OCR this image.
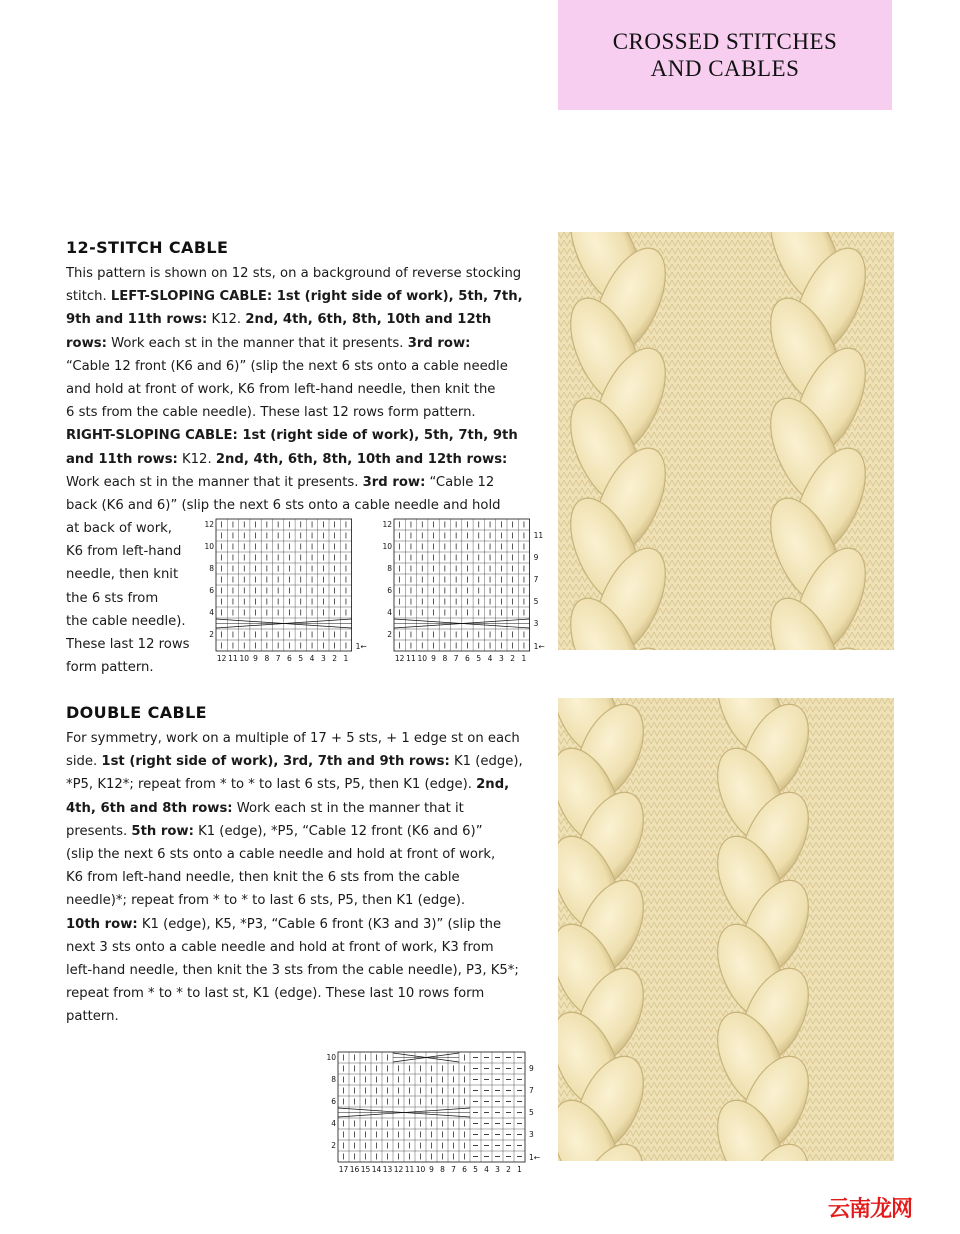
CROSSED STITCHES
AND CABLES
12-STITCH CABLE
This pattern is shown on 12 sts, on a background of reverse stocking
stitch. LEFT-SLOPING CABLE: 1st (right side of work), 5th, 7th,
9th and 11th rows: K12. 2nd, 4th, 6th, 8th, 10th and 12th
rows: Work each st in the manner that it presents. 3rd row:
“Cable 12 front (K6 and 6)” (slip the next 6 sts onto a cable needle
and hold at front of work, K6 from left-hand needle, then knit the
6 sts from the cable needle). These last 12 rows form pattern.
RIGHT-SLOPING CABLE: 1st (right side of work), 5th, 7th, 9th
and 11th rows: K12. 2nd, 4th, 6th, 8th, 10th and 12th rows:
Work each st in the manner that it presents. 3rd row: “Cable 12
back (K6 and 6)” (slip the next 6 sts onto a cable needle and hold
at back of work,
K6 from left-hand
needle, then knit
the 6 sts from
the cable needle).
These last 12 rows
form pattern.
12
10
8
6
4
2
1←
12 11 10 9 8 7 6 5 4 3 2 1
12
10
8
6
4
2
11
9
7
5
3
1←
12 11 10 9 8 7 6 5 4 3 2 1
DOUBLE CABLE
For symmetry, work on a multiple of 17 + 5 sts, + 1 edge st on each
side. 1st (right side of work), 3rd, 7th and 9th rows: K1 (edge),
*P5, K12*; repeat from * to * to last 6 sts, P5, then K1 (edge). 2nd,
4th, 6th and 8th rows: Work each st in the manner that it
presents. 5th row: K1 (edge), *P5, “Cable 12 front (K6 and 6)”
(slip the next 6 sts onto a cable needle and hold at front of work,
K6 from left-hand needle, then knit the 6 sts from the cable
needle)*; repeat from * to * to last 6 sts, P5, then K1 (edge).
10th row: K1 (edge), K5, *P3, “Cable 6 front (K3 and 3)” (slip the
next 3 sts onto a cable needle and hold at front of work, K3 from
left-hand needle, then knit the 3 sts from the cable needle), P3, K5*;
repeat from * to * to last st, K1 (edge). These last 10 rows form
pattern.
10
8
6
4
2
9
7
5
3
1←
17 16 15 14 13 12 11 10 9 8 7 6 5 4 3 2 1
云南龙网
